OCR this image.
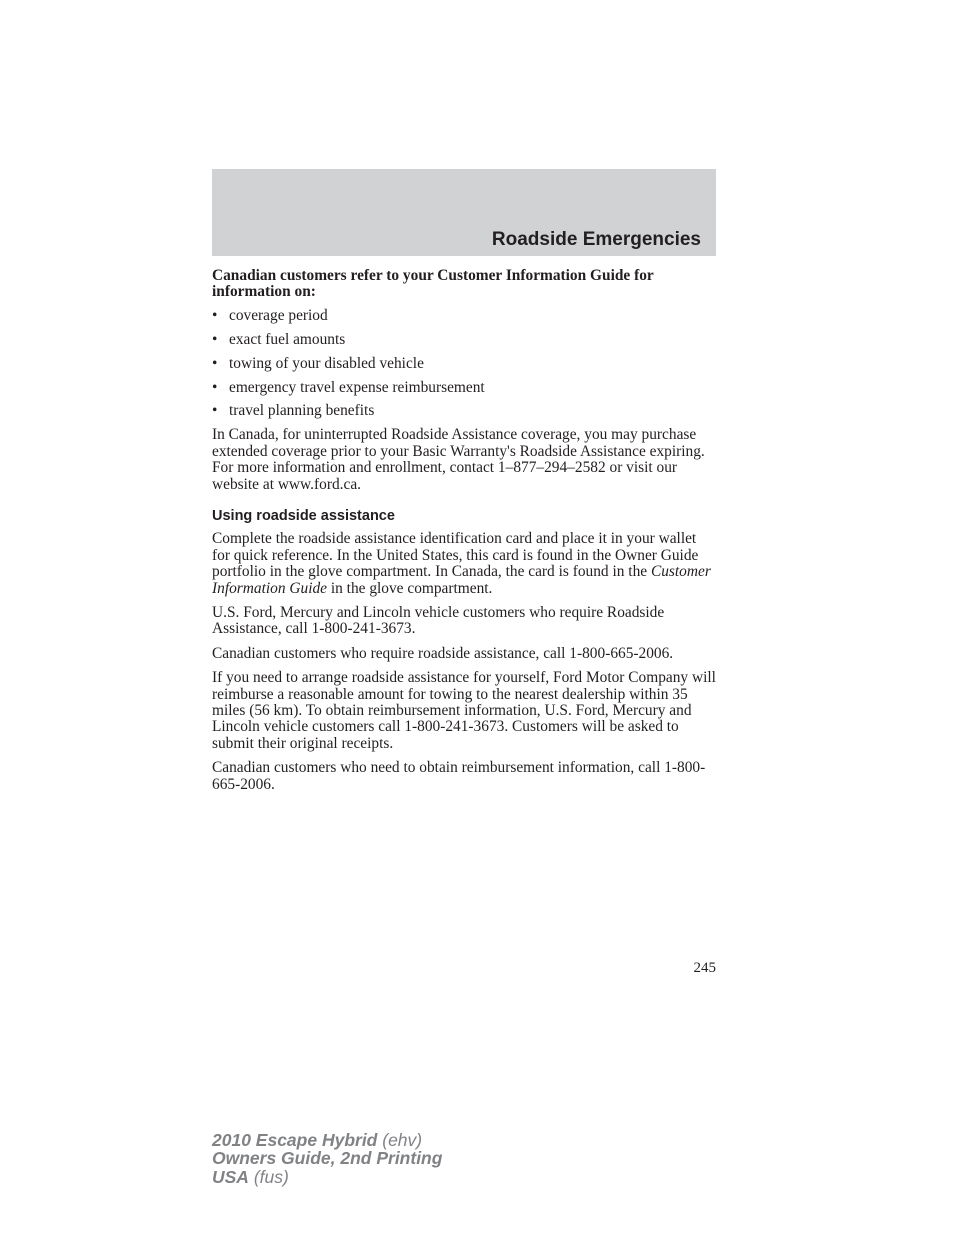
Roadside Emergencies
Canadian customers refer to your Customer Information Guide for information on:
• coverage period
• exact fuel amounts
• towing of your disabled vehicle
• emergency travel expense reimbursement
• travel planning benefits

In Canada, for uninterrupted Roadside Assistance coverage, you may purchase extended coverage prior to your Basic Warranty's Roadside Assistance expiring. For more information and enrollment, contact 1–877–294–2582 or visit our website at www.ford.ca.

Using roadside assistance

Complete the roadside assistance identification card and place it in your wallet for quick reference. In the United States, this card is found in the Owner Guide portfolio in the glove compartment. In Canada, the card is found in the Customer Information Guide in the glove compartment.

U.S. Ford, Mercury and Lincoln vehicle customers who require Roadside Assistance, call 1-800-241-3673.

Canadian customers who require roadside assistance, call 1-800-665-2006.

If you need to arrange roadside assistance for yourself, Ford Motor Company will reimburse a reasonable amount for towing to the nearest dealership within 35 miles (56 km). To obtain reimbursement information, U.S. Ford, Mercury and Lincoln vehicle customers call 1-800-241-3673. Customers will be asked to submit their original receipts.

Canadian customers who need to obtain reimbursement information, call 1-800-665-2006.

245
2010 Escape Hybrid (ehv)
Owners Guide, 2nd Printing
USA (fus)
